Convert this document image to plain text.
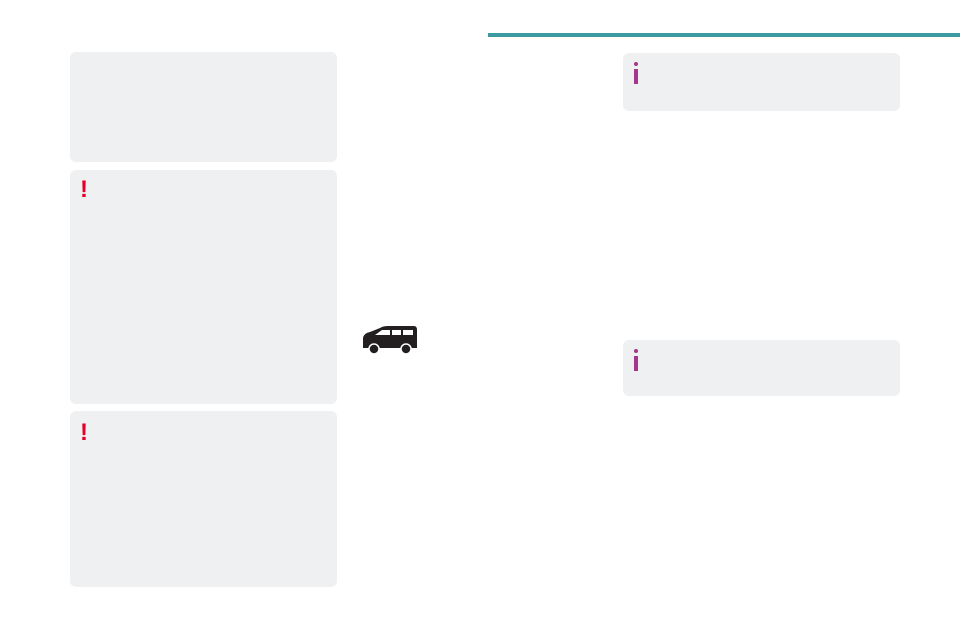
!

!
